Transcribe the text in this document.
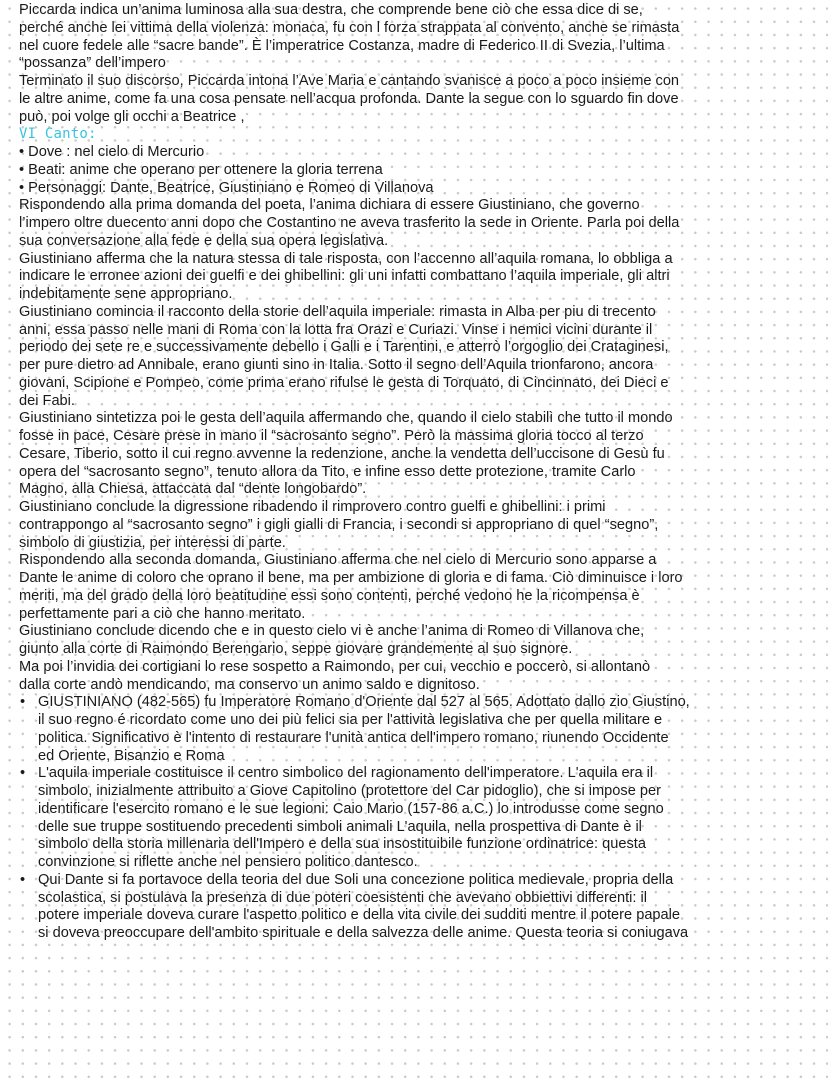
Piccarda indica un’anima luminosa alla sua destra, che comprende bene ciò che essa dice di se,
perché anche lei vittima della violenza: monaca, fu con l forza strappata al convento, anche se rimasta
nel cuore fedele alle “sacre bande”. È l’imperatrice Costanza, madre di Federico II di Svezia, l’ultima
“possanza” dell’impero
Terminato il suo discorso, Piccarda intona l’Ave Maria e cantando svanisce a poco a poco insieme con
le altre anime, come fa una cosa pensate nell’acqua profonda. Dante la segue con lo sguardo fin dove
può, poi volge gli occhi a Beatrice ,
VI Canto:
• Dove : nel cielo di Mercurio
• Beati: anime che operano per ottenere la gloria terrena
• Personaggi: Dante, Beatrice, Giustiniano e Romeo di Villanova
Rispondendo alla prima domanda del poeta, l’anima dichiara di essere Giustiniano, che governo
l’impero oltre duecento anni dopo che Costantino ne aveva trasferito la sede in Oriente. Parla poi della
sua conversazione alla fede e della sua opera legislativa.
Giustiniano afferma che la natura stessa di tale risposta, con l’accenno all’aquila romana, lo obbliga a
indicare le erronee azioni dei guelfi e dei ghibellini: gli uni infatti combattano l’aquila imperiale, gli altri
indebitamente sene appropriano.
Giustiniano comincia il racconto della storie dell’aquila imperiale: rimasta in Alba per piu di trecento
anni, essa passo nelle mani di Roma con la lotta fra Orazi e Curiazi. Vinse i nemici vicini durante il
periodo dei sete re e successivamente debello i Galli e i Tarentini, e atterrò l’orgoglio dei Crataginesi,
per pure dietro ad Annibale, erano giunti sino in Italia. Sotto il segno dell’Aquila trionfarono, ancora
giovani, Scipione e Pompeo, come prima erano rifulse le gesta di Torquato, di Cincinnato, dei Dieci e
dei Fabi.
Giustiniano sintetizza poi le gesta dell’aquila affermando che, quando il cielo stabilì che tutto il mondo
fosse in pace, Cesare prese in mano il “sacrosanto segno”. Però la massima gloria tocco al terzo
Cesare, Tiberio, sotto il cui regno avvenne la redenzione, anche la vendetta dell’uccisone di Gesù fu
opera del “sacrosanto segno”, tenuto allora da Tito, e infine esso dette protezione, tramite Carlo
Magno, alla Chiesa, attaccata dal “dente longobardo”.
Giustiniano conclude la digressione ribadendo il rimprovero contro guelfi e ghibellini: i primi
contrappongo al “sacrosanto segno” i gigli gialli di Francia, i secondi si appropriano di quel “segno”,
simbolo di giustizia, per interessi di parte.
Rispondendo alla seconda domanda, Giustiniano afferma che nel cielo di Mercurio sono apparse a
Dante le anime di coloro che oprano il bene, ma per ambizione di gloria e di fama. Ciò diminuisce i loro
meriti, ma del grado della loro beatitudine essi sono contenti, perché vedono he la ricompensa è
perfettamente pari a ciò che hanno meritato.
Giustiniano conclude dicendo che e in questo cielo vi è anche l’anima di Romeo di Villanova che,
giunto alla corte di Raimondo Berengario, seppe giovare grandemente al suo signore.
Ma poi l’invidia dei cortigiani lo rese sospetto a Raimondo, per cui, vecchio e poccerò, si allontanò
dalla corte andò mendicando, ma conservo un animo saldo e dignitoso.
• GIUSTINIANO (482-565) fu Imperatore Romano d'Oriente dal 527 al 565. Adottato dallo zio Giustino,
il suo regno é ricordato come uno dei più felici sia per l'attività legislativa che per quella militare e
politica. Significativo è l'intento di restaurare l'unità antica dell'impero romano, riunendo Occidente
ed Oriente, Bisanzio e Roma
• L'aquila imperiale costituisce il centro simbolico del ragionamento dell'imperatore. L'aquila era il
simbolo, inizialmente attribuito a Giove Capitolino (protettore del Car pidoglio), che si impose per
identificare l'esercito romano e le sue legioni: Caio Mario (157-86 a.C.) lo introdusse come segno
delle sue truppe sostituendo precedenti simboli animali L'aquila, nella prospettiva di Dante è il
simbolo della storia millenaria dell'Impero e della sua insostituibile funzione ordinatrice: questa
convinzione si riflette anche nel pensiero politico dantesco.
• Qui Dante si fa portavoce della teoria del due Soli una concezione politica medievale, propria della
scolastica, si postulava la presenza di due poteri coesistenti che avevano obbiettivi differenti: il
potere imperiale doveva curare l'aspetto politico e della vita civile dei sudditi mentre il potere papale
si doveva preoccupare dell'ambito spirituale e della salvezza delle anime. Questa teoria si coniugava
